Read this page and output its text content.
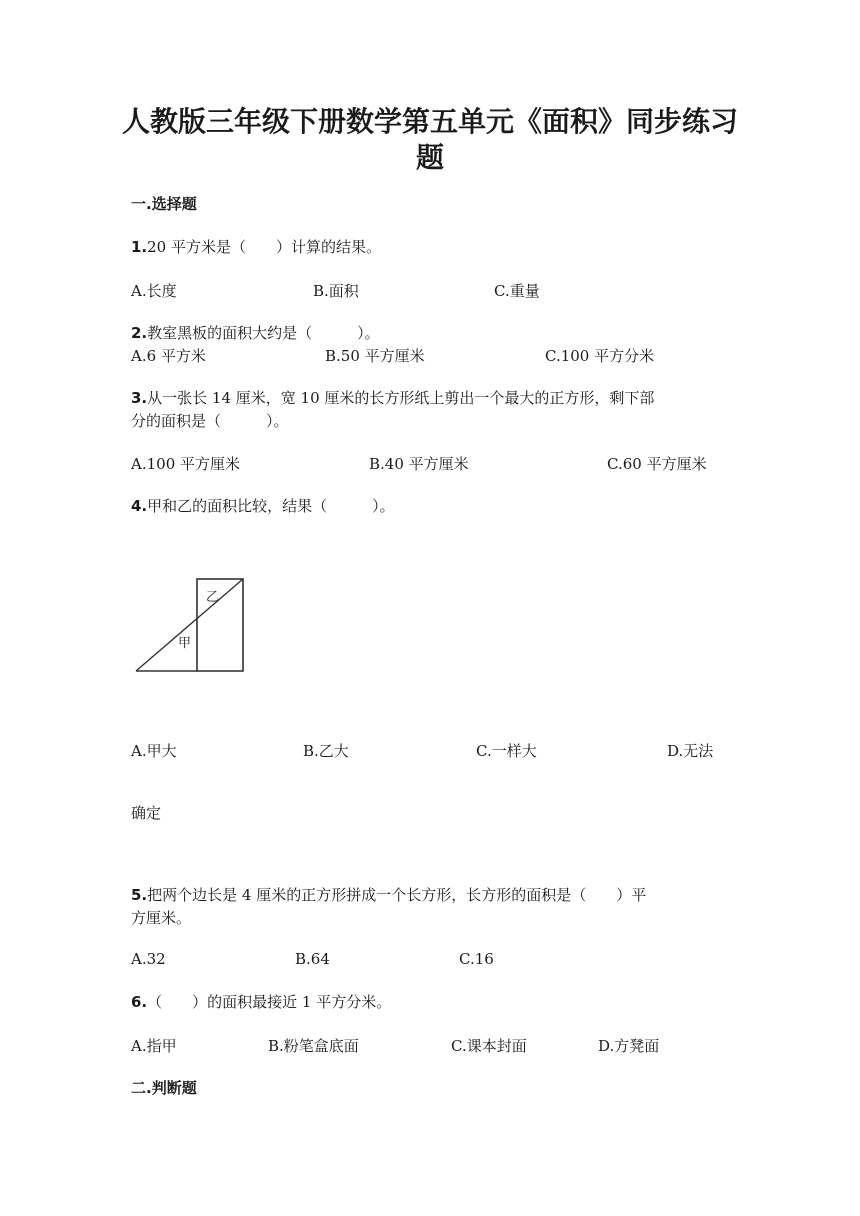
人教版三年级下册数学第五单元《面积》同步练习
题
一.选择题
1.20 平方米是（　　）计算的结果。
A.长度	B.面积	C.重量
2.教室黑板的面积大约是（　　　）。
A.6 平方米	B.50 平方厘米	C.100 平方分米
3.从一张长 14 厘米，宽 10 厘米的长方形纸上剪出一个最大的正方形，剩下部
分的面积是（　　　）。
A.100 平方厘米	B.40 平方厘米	C.60 平方厘米
4.甲和乙的面积比较，结果（　　　）。
乙
甲
A.甲大	B.乙大	C.一样大	D.无法
确定
5.把两个边长是 4 厘米的正方形拼成一个长方形，长方形的面积是（　　）平
方厘米。
A.32	B.64	C.16
6.（　　）的面积最接近 1 平方分米。
A.指甲	B.粉笔盒底面	C.课本封面	D.方凳面
二.判断题
